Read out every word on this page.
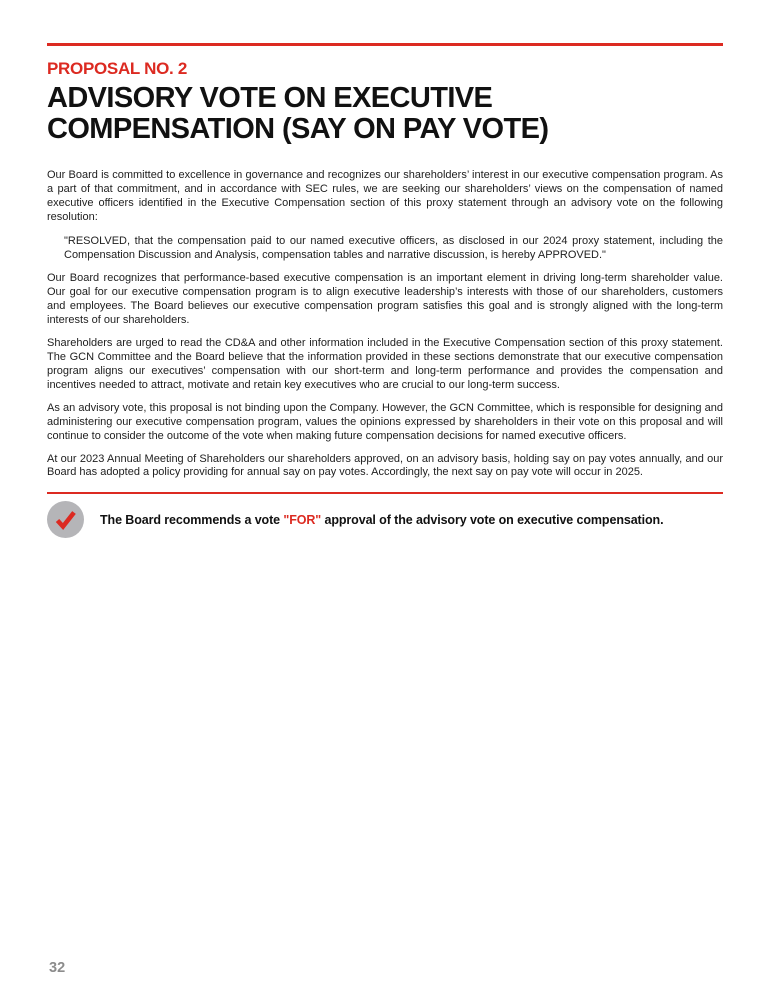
PROPOSAL NO. 2
ADVISORY VOTE ON EXECUTIVE
COMPENSATION (SAY ON PAY VOTE)

Our Board is committed to excellence in governance and recognizes our shareholders’ interest in our executive compensation program. As a part of that commitment, and in accordance with SEC rules, we are seeking our shareholders’ views on the compensation of named executive officers identified in the Executive Compensation section of this proxy statement through an advisory vote on the following resolution:

"RESOLVED, that the compensation paid to our named executive officers, as disclosed in our 2024 proxy statement, including the Compensation Discussion and Analysis, compensation tables and narrative discussion, is hereby APPROVED."

Our Board recognizes that performance-based executive compensation is an important element in driving long-term shareholder value. Our goal for our executive compensation program is to align executive leadership’s interests with those of our shareholders, customers and employees. The Board believes our executive compensation program satisfies this goal and is strongly aligned with the long-term interests of our shareholders.

Shareholders are urged to read the CD&A and other information included in the Executive Compensation section of this proxy statement. The GCN Committee and the Board believe that the information provided in these sections demonstrate that our executive compensation program aligns our executives’ compensation with our short-term and long-term performance and provides the compensation and incentives needed to attract, motivate and retain key executives who are crucial to our long-term success.

As an advisory vote, this proposal is not binding upon the Company. However, the GCN Committee, which is responsible for designing and administering our executive compensation program, values the opinions expressed by shareholders in their vote on this proposal and will continue to consider the outcome of the vote when making future compensation decisions for named executive officers.

At our 2023 Annual Meeting of Shareholders our shareholders approved, on an advisory basis, holding say on pay votes annually, and our Board has adopted a policy providing for annual say on pay votes. Accordingly, the next say on pay vote will occur in 2025.

The Board recommends a vote "FOR" approval of the advisory vote on executive compensation.

32
